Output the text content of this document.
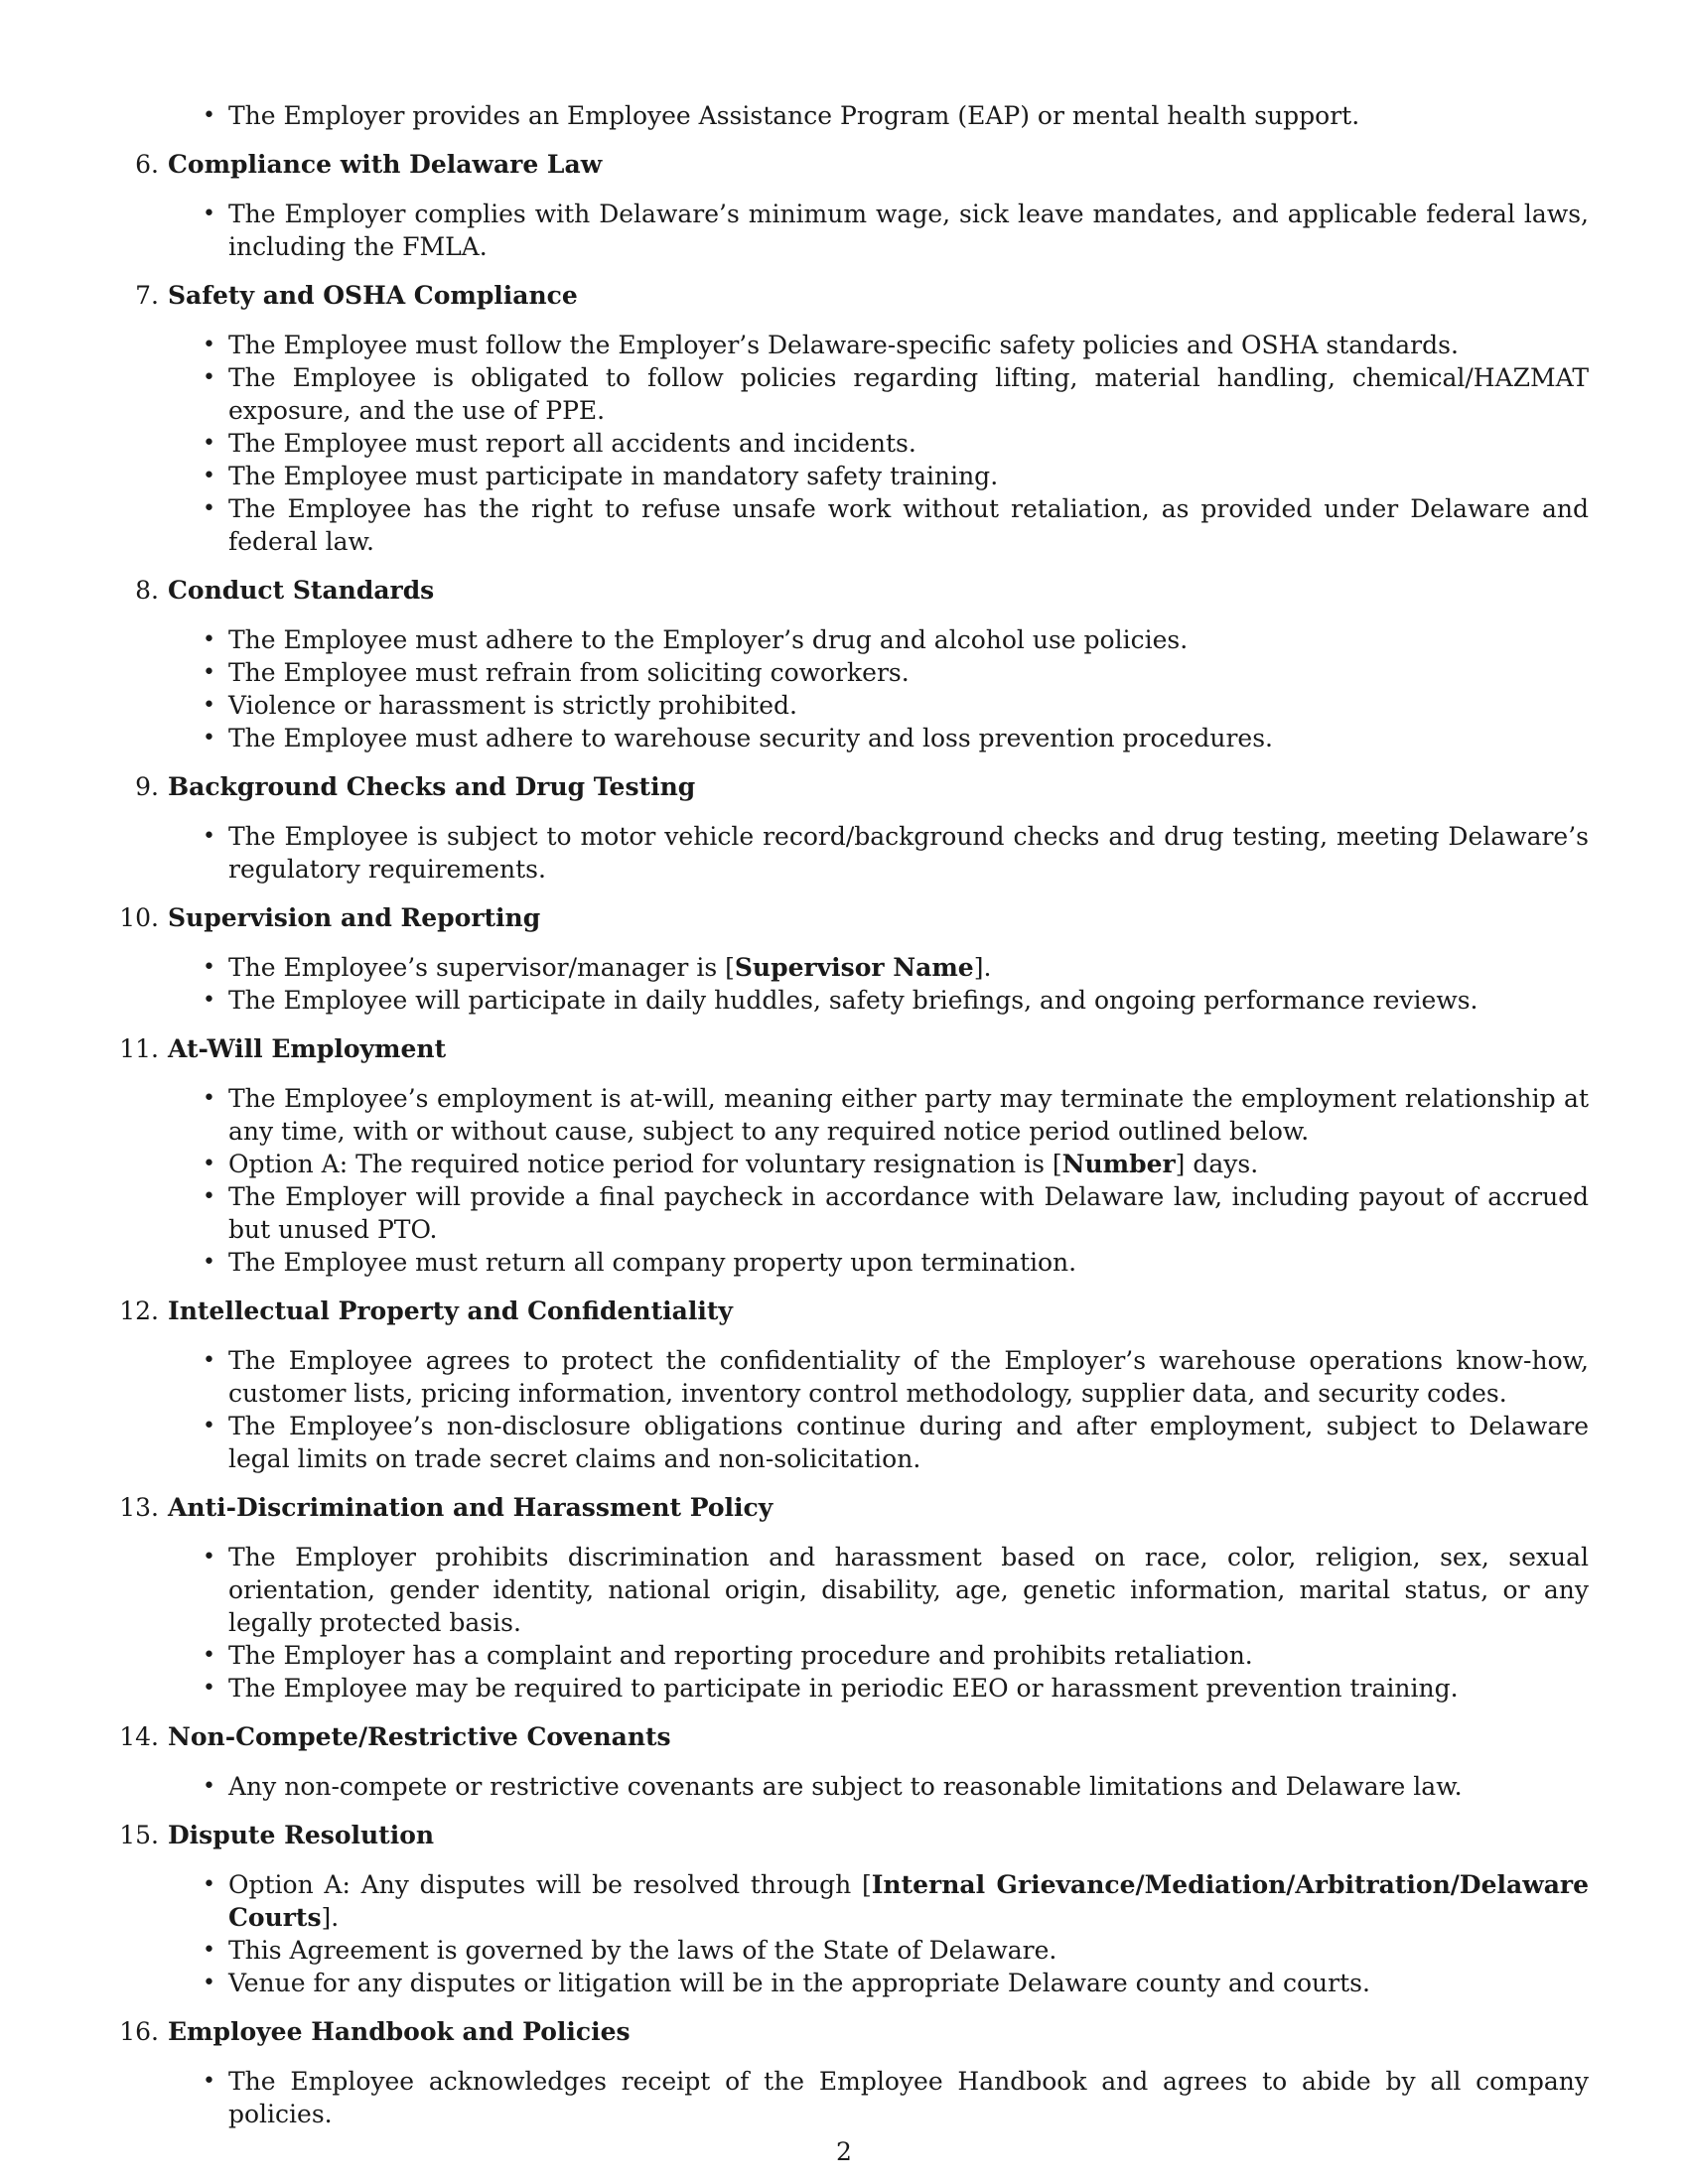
• The Employer provides an Employee Assistance Program (EAP) or mental health support.
6. Compliance with Delaware Law
• The Employer complies with Delaware’s minimum wage, sick leave mandates, and applicable federal laws, including the FMLA.
7. Safety and OSHA Compliance
• The Employee must follow the Employer’s Delaware-specific safety policies and OSHA standards.
• The Employee is obligated to follow policies regarding lifting, material handling, chemical/HAZMAT exposure, and the use of PPE.
• The Employee must report all accidents and incidents.
• The Employee must participate in mandatory safety training.
• The Employee has the right to refuse unsafe work without retaliation, as provided under Delaware and federal law.
8. Conduct Standards
• The Employee must adhere to the Employer’s drug and alcohol use policies.
• The Employee must refrain from soliciting coworkers.
• Violence or harassment is strictly prohibited.
• The Employee must adhere to warehouse security and loss prevention procedures.
9. Background Checks and Drug Testing
• The Employee is subject to motor vehicle record/background checks and drug testing, meeting Delaware’s regulatory requirements.
10. Supervision and Reporting
• The Employee’s supervisor/manager is [Supervisor Name].
• The Employee will participate in daily huddles, safety briefings, and ongoing performance reviews.
11. At-Will Employment
• The Employee’s employment is at-will, meaning either party may terminate the employment relationship at any time, with or without cause, subject to any required notice period outlined below.
• Option A: The required notice period for voluntary resignation is [Number] days.
• The Employer will provide a final paycheck in accordance with Delaware law, including payout of accrued but unused PTO.
• The Employee must return all company property upon termination.
12. Intellectual Property and Confidentiality
• The Employee agrees to protect the confidentiality of the Employer’s warehouse operations know-how, customer lists, pricing information, inventory control methodology, supplier data, and security codes.
• The Employee’s non-disclosure obligations continue during and after employment, subject to Delaware legal limits on trade secret claims and non-solicitation.
13. Anti-Discrimination and Harassment Policy
• The Employer prohibits discrimination and harassment based on race, color, religion, sex, sexual orientation, gender identity, national origin, disability, age, genetic information, marital status, or any legally protected basis.
• The Employer has a complaint and reporting procedure and prohibits retaliation.
• The Employee may be required to participate in periodic EEO or harassment prevention training.
14. Non-Compete/Restrictive Covenants
• Any non-compete or restrictive covenants are subject to reasonable limitations and Delaware law.
15. Dispute Resolution
• Option A: Any disputes will be resolved through [Internal Grievance/Mediation/Arbitration/Delaware Courts].
• This Agreement is governed by the laws of the State of Delaware.
• Venue for any disputes or litigation will be in the appropriate Delaware county and courts.
16. Employee Handbook and Policies
• The Employee acknowledges receipt of the Employee Handbook and agrees to abide by all company policies.
2
